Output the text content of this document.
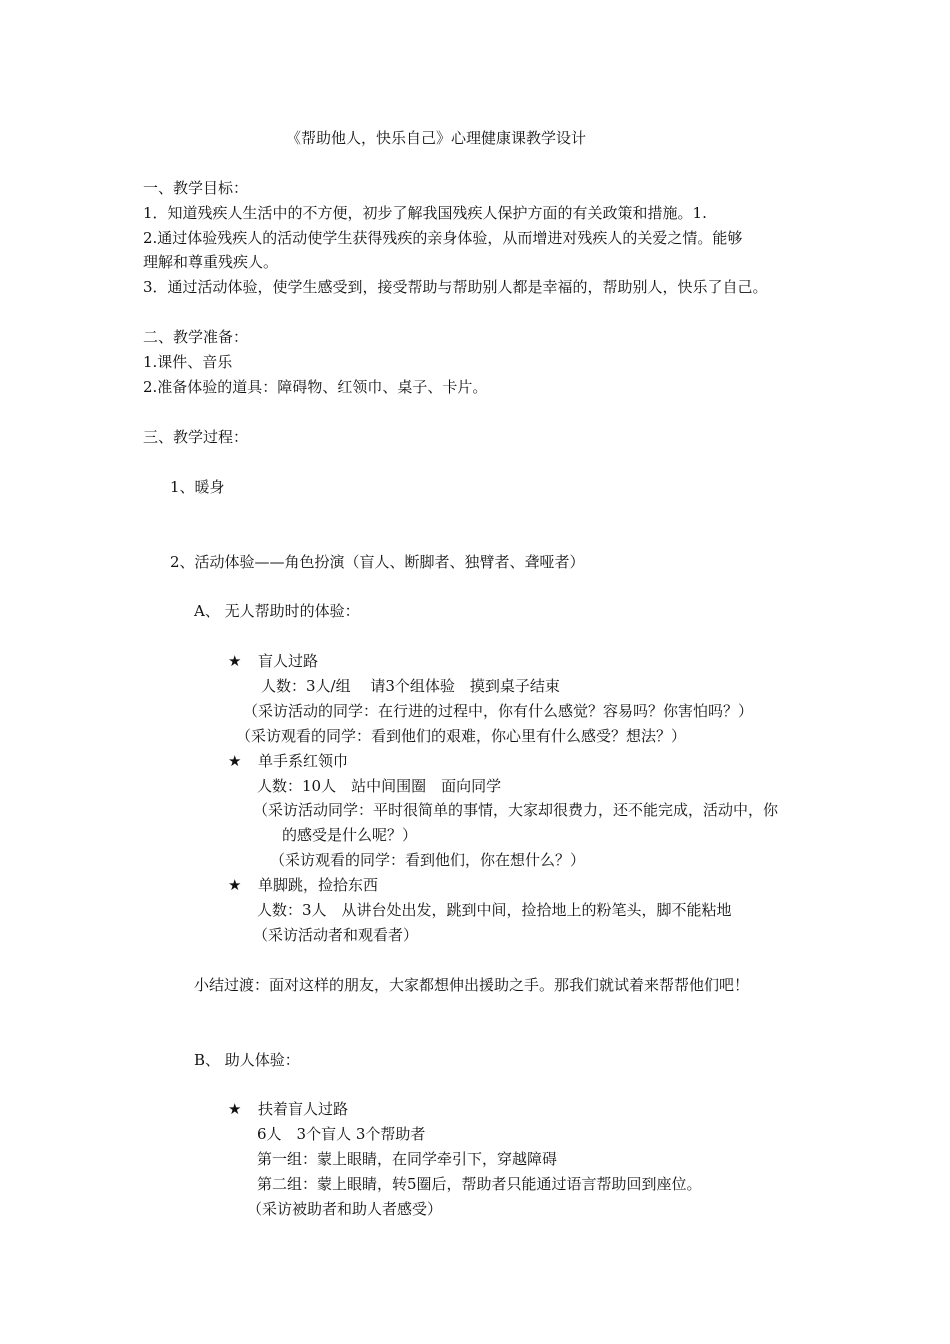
《帮助他人，快乐自己》心理健康课教学设计
一、教学目标：
1．知道残疾人生活中的不方便，初步了解我国残疾人保护方面的有关政策和措施。1.
2.通过体验残疾人的活动使学生获得残疾的亲身体验，从而增进对残疾人的关爱之情。能够
理解和尊重残疾人。
3．通过活动体验，使学生感受到，接受帮助与帮助别人都是幸福的，帮助别人，快乐了自己。
二、教学准备：
1.课件、音乐
2.准备体验的道具：障碍物、红领巾、桌子、卡片。
三、教学过程：
1、暖身
2、活动体验——角色扮演（盲人、断脚者、独臂者、聋哑者）
A、 无人帮助时的体验：
★ 盲人过路
人数：3人/组　 请3个组体验　摸到桌子结束
（采访活动的同学：在行进的过程中，你有什么感觉？容易吗？你害怕吗？）
（采访观看的同学：看到他们的艰难，你心里有什么感受？想法？）
★ 单手系红领巾
人数：10人　站中间围圈　面向同学
（采访活动同学：平时很简单的事情，大家却很费力，还不能完成，活动中，你
的感受是什么呢？）
（采访观看的同学：看到他们，你在想什么？）
★ 单脚跳，捡拾东西
人数：3人　从讲台处出发，跳到中间，捡拾地上的粉笔头，脚不能粘地
（采访活动者和观看者）
小结过渡：面对这样的朋友，大家都想伸出援助之手。那我们就试着来帮帮他们吧！
B、 助人体验：
★ 扶着盲人过路
6人　3个盲人 3个帮助者
第一组：蒙上眼睛，在同学牵引下，穿越障碍
第二组：蒙上眼睛，转5圈后，帮助者只能通过语言帮助回到座位。
（采访被助者和助人者感受）
